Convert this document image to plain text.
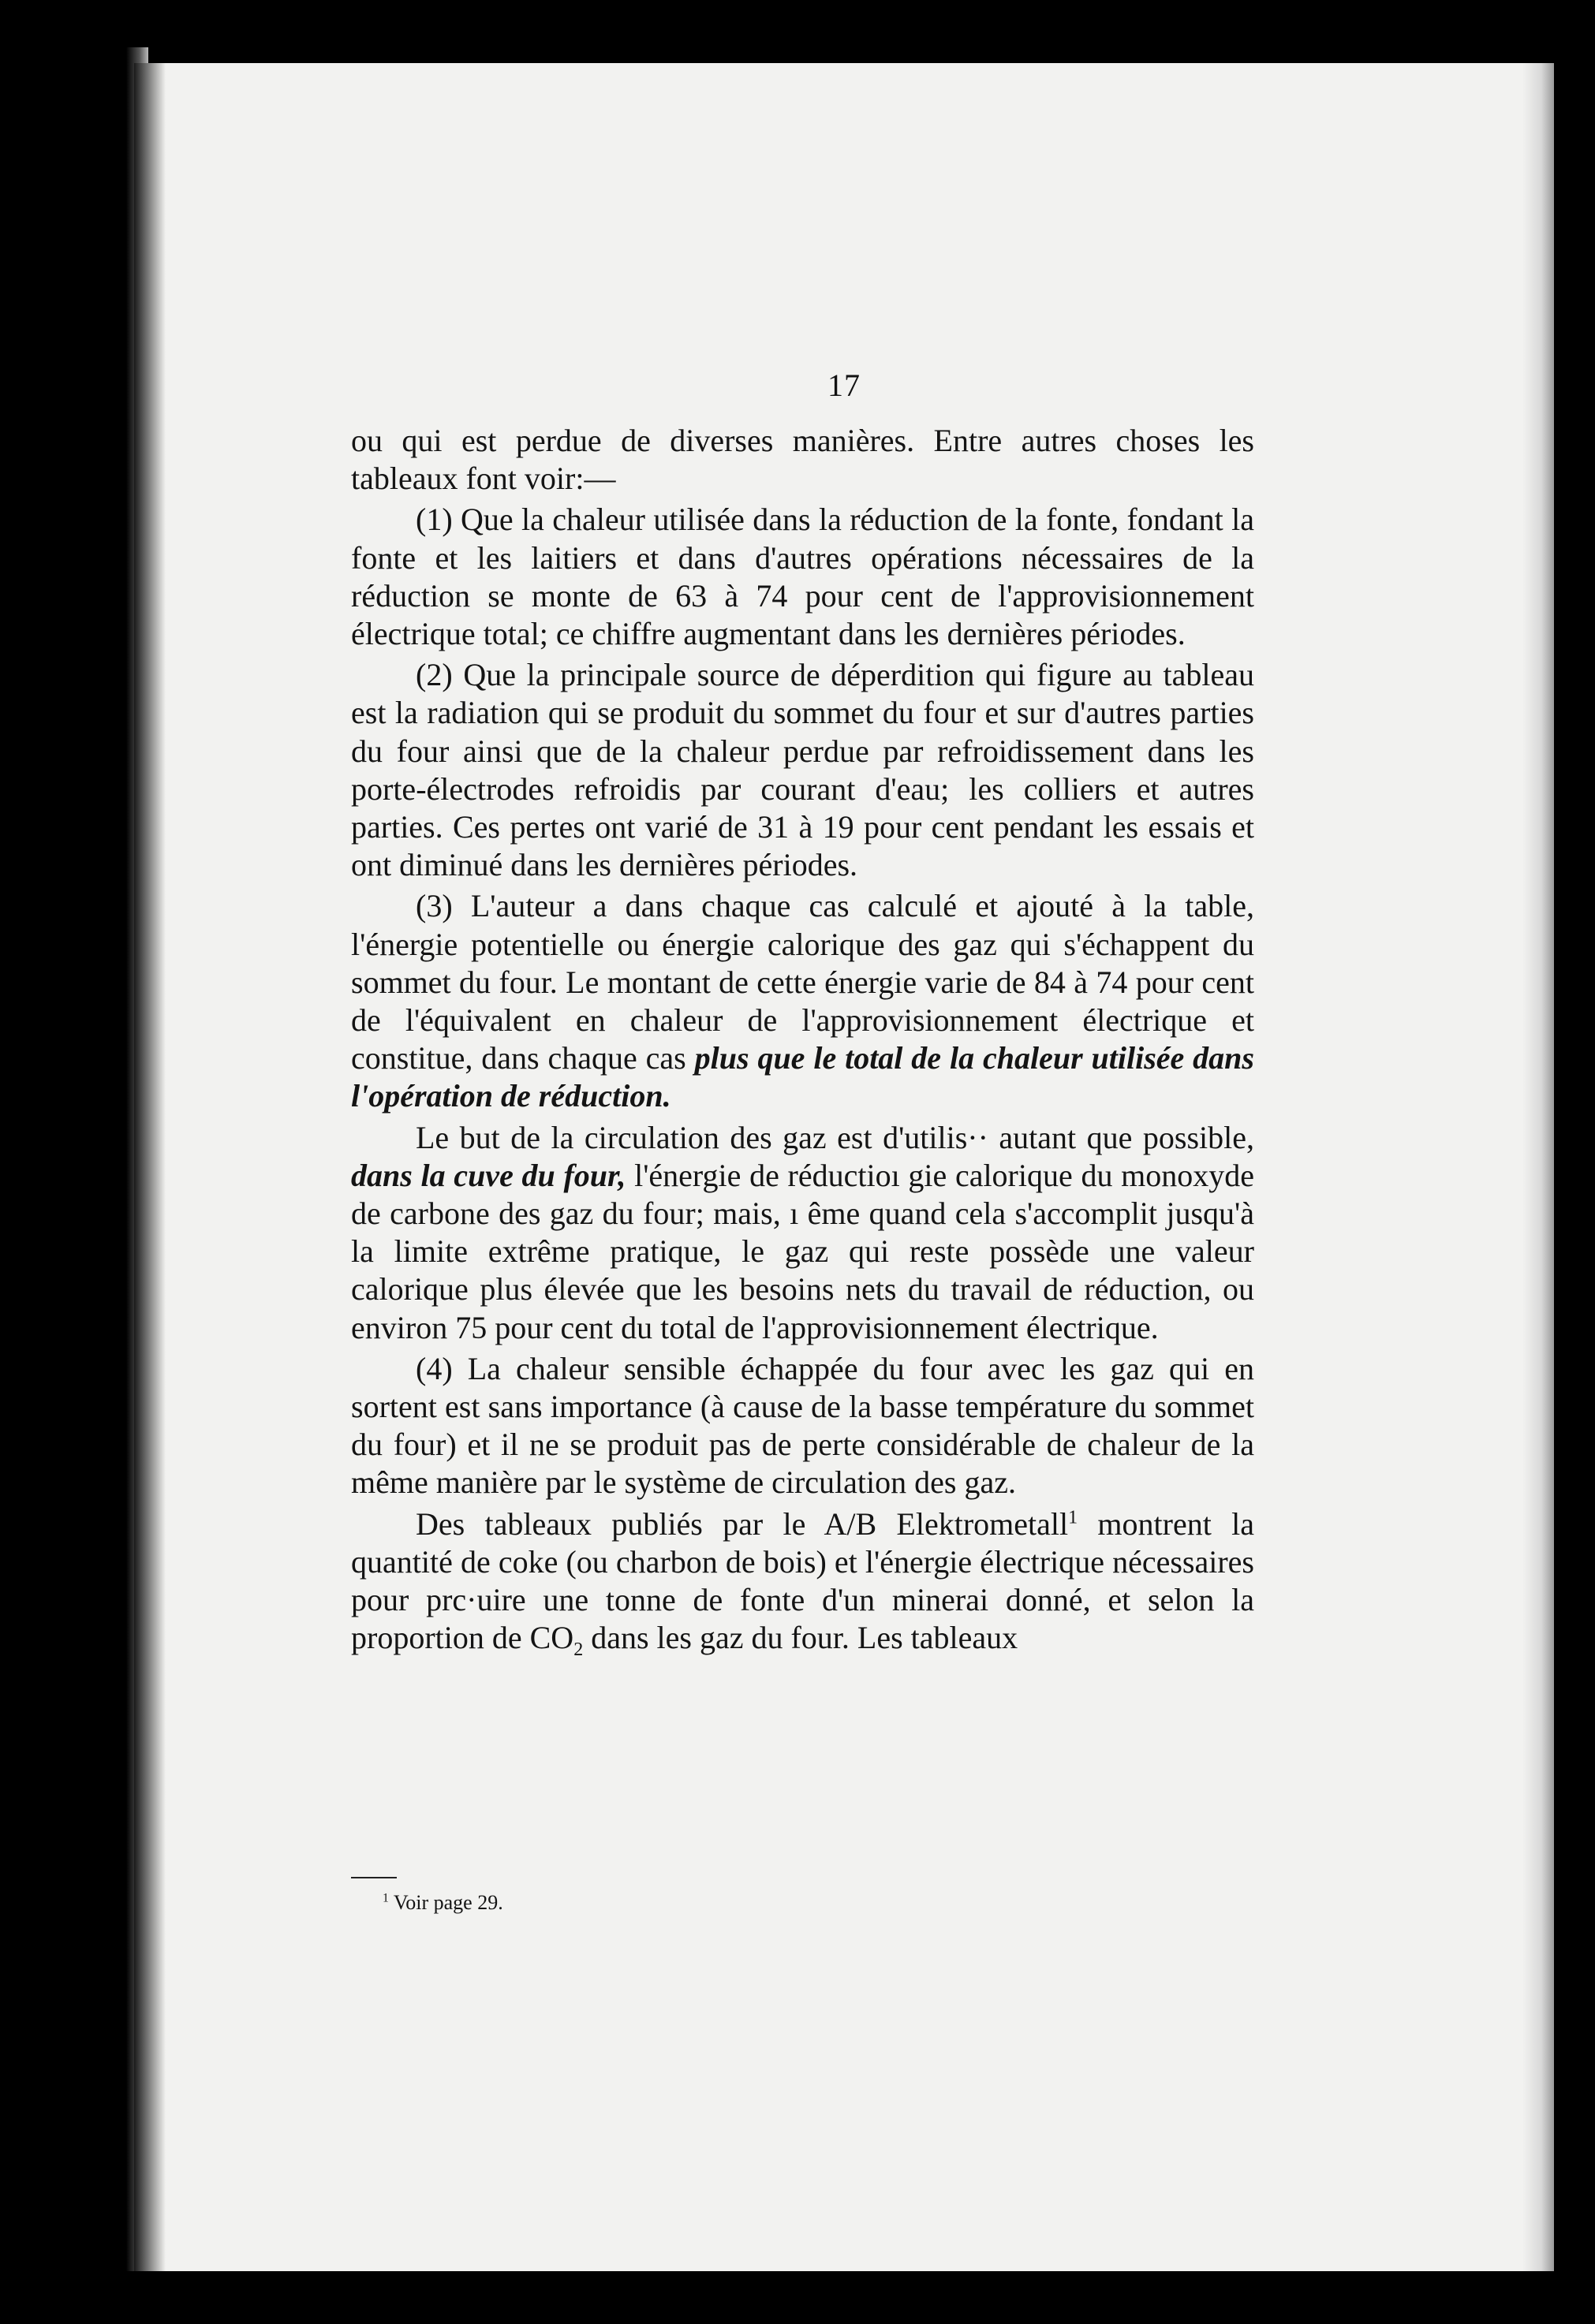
17

ou qui est perdue de diverses manières. Entre autres choses les tableaux font voir:—

(1) Que la chaleur utilisée dans la réduction de la fonte, fondant la fonte et les laitiers et dans d'autres opérations nécessaires de la réduction se monte de 63 à 74 pour cent de l'approvisionnement électrique total; ce chiffre augmentant dans les dernières périodes.

(2) Que la principale source de déperdition qui figure au tableau est la radiation qui se produit du sommet du four et sur d'autres parties du four ainsi que de la chaleur perdue par refroidissement dans les porte-électrodes refroidis par courant d'eau; les colliers et autres parties. Ces pertes ont varié de 31 à 19 pour cent pendant les essais et ont diminué dans les dernières périodes.

(3) L'auteur a dans chaque cas calculé et ajouté à la table, l'énergie potentielle ou énergie calorique des gaz qui s'échappent du sommet du four. Le montant de cette énergie varie de 84 à 74 pour cent de l'équivalent en chaleur de l'approvisionnement électrique et constitue, dans chaque cas plus que le total de la chaleur utilisée dans l'opération de réduction.

Le but de la circulation des gaz est d'utilis·· autant que possible, dans la cuve du four, l'énergie de réductioı gie calorique du monoxyde de carbone des gaz du four; mais, ı ême quand cela s'accomplit jusqu'à la limite extrême pratique, le gaz qui reste possède une valeur calorique plus élevée que les besoins nets du travail de réduction, ou environ 75 pour cent du total de l'approvisionnement électrique.

(4) La chaleur sensible échappée du four avec les gaz qui en sortent est sans importance (à cause de la basse température du sommet du four) et il ne se produit pas de perte considérable de chaleur de la même manière par le système de circulation des gaz.

Des tableaux publiés par le A/B Elektrometall$^1$ montrent la quantité de coke (ou charbon de bois) et l'énergie électrique nécessaires pour prc·uire une tonne de fonte d'un minerai donné, et selon la proportion de $CO_2$ dans les gaz du four. Les tableaux

$^1$ Voir page 29.
